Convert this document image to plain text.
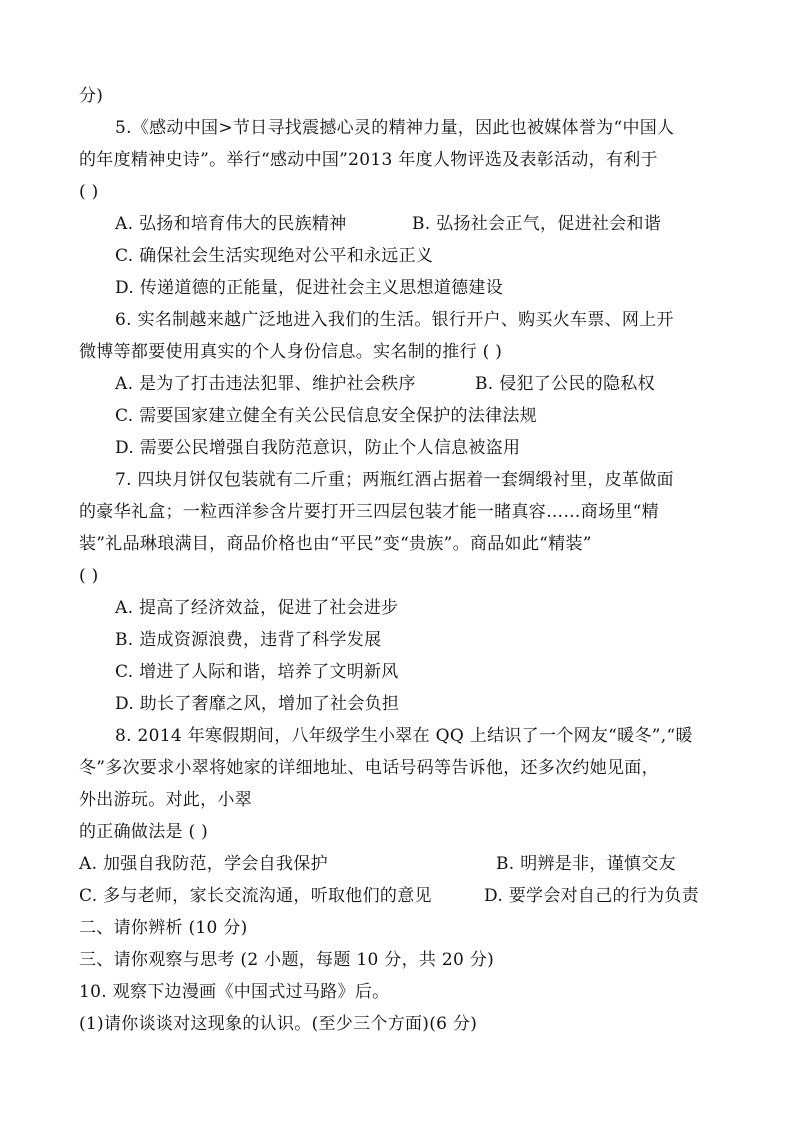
分)
5.《感动中国>节日寻找震撼心灵的精神力量，因此也被媒体誉为“中国人
的年度精神史诗”。举行“感动中国”2013 年度人物评选及表彰活动，有利于
( )
A. 弘扬和培育伟大的民族精神	B. 弘扬社会正气，促进社会和谐
C. 确保社会生活实现绝对公平和永远正义
D. 传递道德的正能量，促进社会主义思想道德建设
6. 实名制越来越广泛地进入我们的生活。银行开户、购买火车票、网上开
微博等都要使用真实的个人身份信息。实名制的推行 ( )
A. 是为了打击违法犯罪、维护社会秩序	B. 侵犯了公民的隐私权
C. 需要国家建立健全有关公民信息安全保护的法律法规
D. 需要公民增强自我防范意识，防止个人信息被盗用
7. 四块月饼仅包装就有二斤重；两瓶红酒占据着一套绸缎衬里，皮革做面
的豪华礼盒；一粒西洋参含片要打开三四层包装才能一睹真容……商场里“精
装”礼品琳琅满目，商品价格也由“平民”变“贵族”。商品如此“精装”
( )
A. 提高了经济效益，促进了社会进步
B. 造成资源浪费，违背了科学发展
C. 增进了人际和谐，培养了文明新风
D. 助长了奢靡之风，增加了社会负担
8. 2014 年寒假期间，八年级学生小翠在 QQ 上结识了一个网友“暖冬”,“暖
冬”多次要求小翠将她家的详细地址、电话号码等告诉他，还多次约她见面，
外出游玩。对此，小翠
的正确做法是 ( )
A. 加强自我防范，学会自我保护	B. 明辨是非，谨慎交友
C. 多与老师，家长交流沟通，听取他们的意见	D. 要学会对自己的行为负责
二、请你辨析 (10 分)
三、请你观察与思考 (2 小题，每题 10 分，共 20 分)
10. 观察下边漫画《中国式过马路》后。
(1)请你谈谈对这现象的认识。(至少三个方面)(6 分)
